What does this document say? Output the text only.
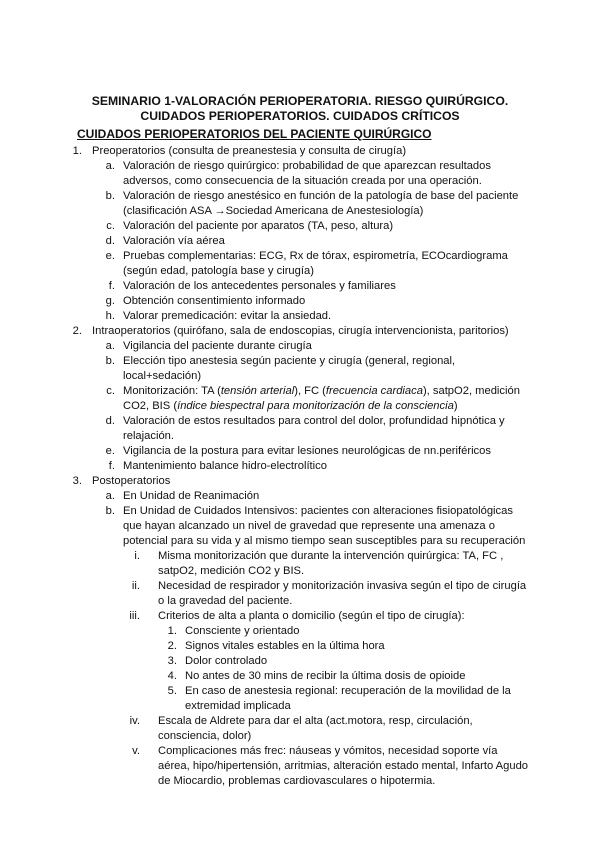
SEMINARIO 1-VALORACIÓN PERIOPERATORIA. RIESGO QUIRÚRGICO.
CUIDADOS PERIOPERATORIOS. CUIDADOS CRÍTICOS
CUIDADOS PERIOPERATORIOS DEL PACIENTE QUIRÚRGICO
1. Preoperatorios (consulta de preanestesia y consulta de cirugía)
a. Valoración de riesgo quirúrgico: probabilidad de que aparezcan resultados
adversos, como consecuencia de la situación creada por una operación.
b. Valoración de riesgo anestésico en función de la patología de base del paciente
(clasificación ASA →Sociedad Americana de Anestesiología)
c. Valoración del paciente por aparatos (TA, peso, altura)
d. Valoración vía aérea
e. Pruebas complementarias: ECG, Rx de tórax, espirometría, ECOcardiograma
(según edad, patología base y cirugía)
f. Valoración de los antecedentes personales y familiares
g. Obtención consentimiento informado
h. Valorar premedicación: evitar la ansiedad.
2. Intraoperatorios (quirófano, sala de endoscopias, cirugía intervencionista, paritorios)
a. Vigilancia del paciente durante cirugía
b. Elección tipo anestesia según paciente y cirugía (general, regional,
local+sedación)
c. Monitorización: TA (tensión arterial), FC (frecuencia cardiaca), satpO2, medición
CO2, BIS (índice biespectral para monitorización de la consciencia)
d. Valoración de estos resultados para control del dolor, profundidad hipnótica y
relajación.
e. Vigilancia de la postura para evitar lesiones neurológicas de nn.periféricos
f. Mantenimiento balance hidro-electrolítico
3. Postoperatorios
a. En Unidad de Reanimación
b. En Unidad de Cuidados Intensivos: pacientes con alteraciones fisiopatológicas
que hayan alcanzado un nivel de gravedad que represente una amenaza o
potencial para su vida y al mismo tiempo sean susceptibles para su recuperación
i. Misma monitorización que durante la intervención quirúrgica: TA, FC ,
satpO2, medición CO2 y BIS.
ii. Necesidad de respirador y monitorización invasiva según el tipo de cirugía
o la gravedad del paciente.
iii. Criterios de alta a planta o domicilio (según el tipo de cirugía):
1. Consciente y orientado
2. Signos vitales estables en la última hora
3. Dolor controlado
4. No antes de 30 mins de recibir la última dosis de opioide
5. En caso de anestesia regional: recuperación de la movilidad de la
extremidad implicada
iv. Escala de Aldrete para dar el alta (act.motora, resp, circulación,
consciencia, dolor)
v. Complicaciones más frec: náuseas y vómitos, necesidad soporte vía
aérea, hipo/hipertensión, arritmias, alteración estado mental, Infarto Agudo
de Miocardio, problemas cardiovasculares o hipotermia.
